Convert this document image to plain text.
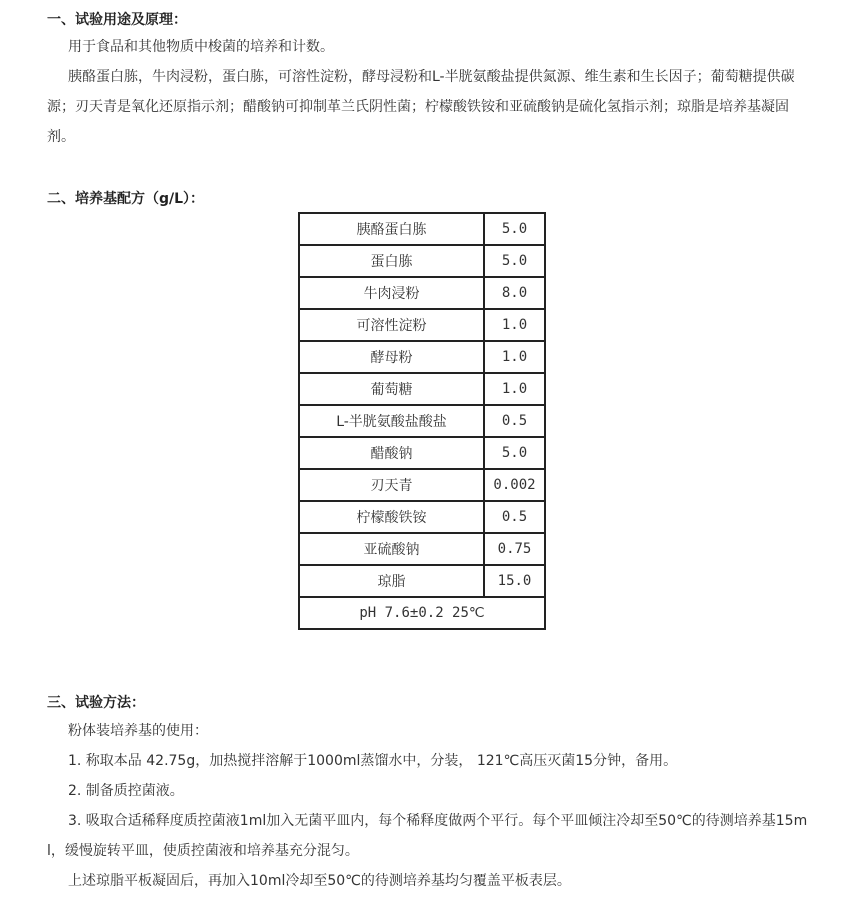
一、试验用途及原理：
用于食品和其他物质中梭菌的培养和计数。
胰酪蛋白胨，牛肉浸粉，蛋白胨，可溶性淀粉，酵母浸粉和L-半胱氨酸盐提供氮源、维生素和生长因子；葡萄糖提供碳
源；刃天青是氧化还原指示剂；醋酸钠可抑制革兰氏阴性菌；柠檬酸铁铵和亚硫酸钠是硫化氢指示剂；琼脂是培养基凝固
剂。
二、培养基配方（g/L）：
胰酪蛋白胨	5.0
蛋白胨	5.0
牛肉浸粉	8.0
可溶性淀粉	1.0
酵母粉	1.0
葡萄糖	1.0
L-半胱氨酸盐酸盐	0.5
醋酸钠	5.0
刃天青	0.002
柠檬酸铁铵	0.5
亚硫酸钠	0.75
琼脂	15.0
pH 7.6±0.2 25℃	
三、试验方法：
粉体装培养基的使用：
1. 称取本品 42.75g，加热搅拌溶解于1000ml蒸馏水中，分装， 121℃高压灭菌15分钟，备用。
2. 制备质控菌液。
3. 吸取合适稀释度质控菌液1ml加入无菌平皿内，每个稀释度做两个平行。每个平皿倾注冷却至50℃的待测培养基15m
l，缓慢旋转平皿，使质控菌液和培养基充分混匀。
上述琼脂平板凝固后，再加入10ml冷却至50℃的待测培养基均匀覆盖平板表层。
